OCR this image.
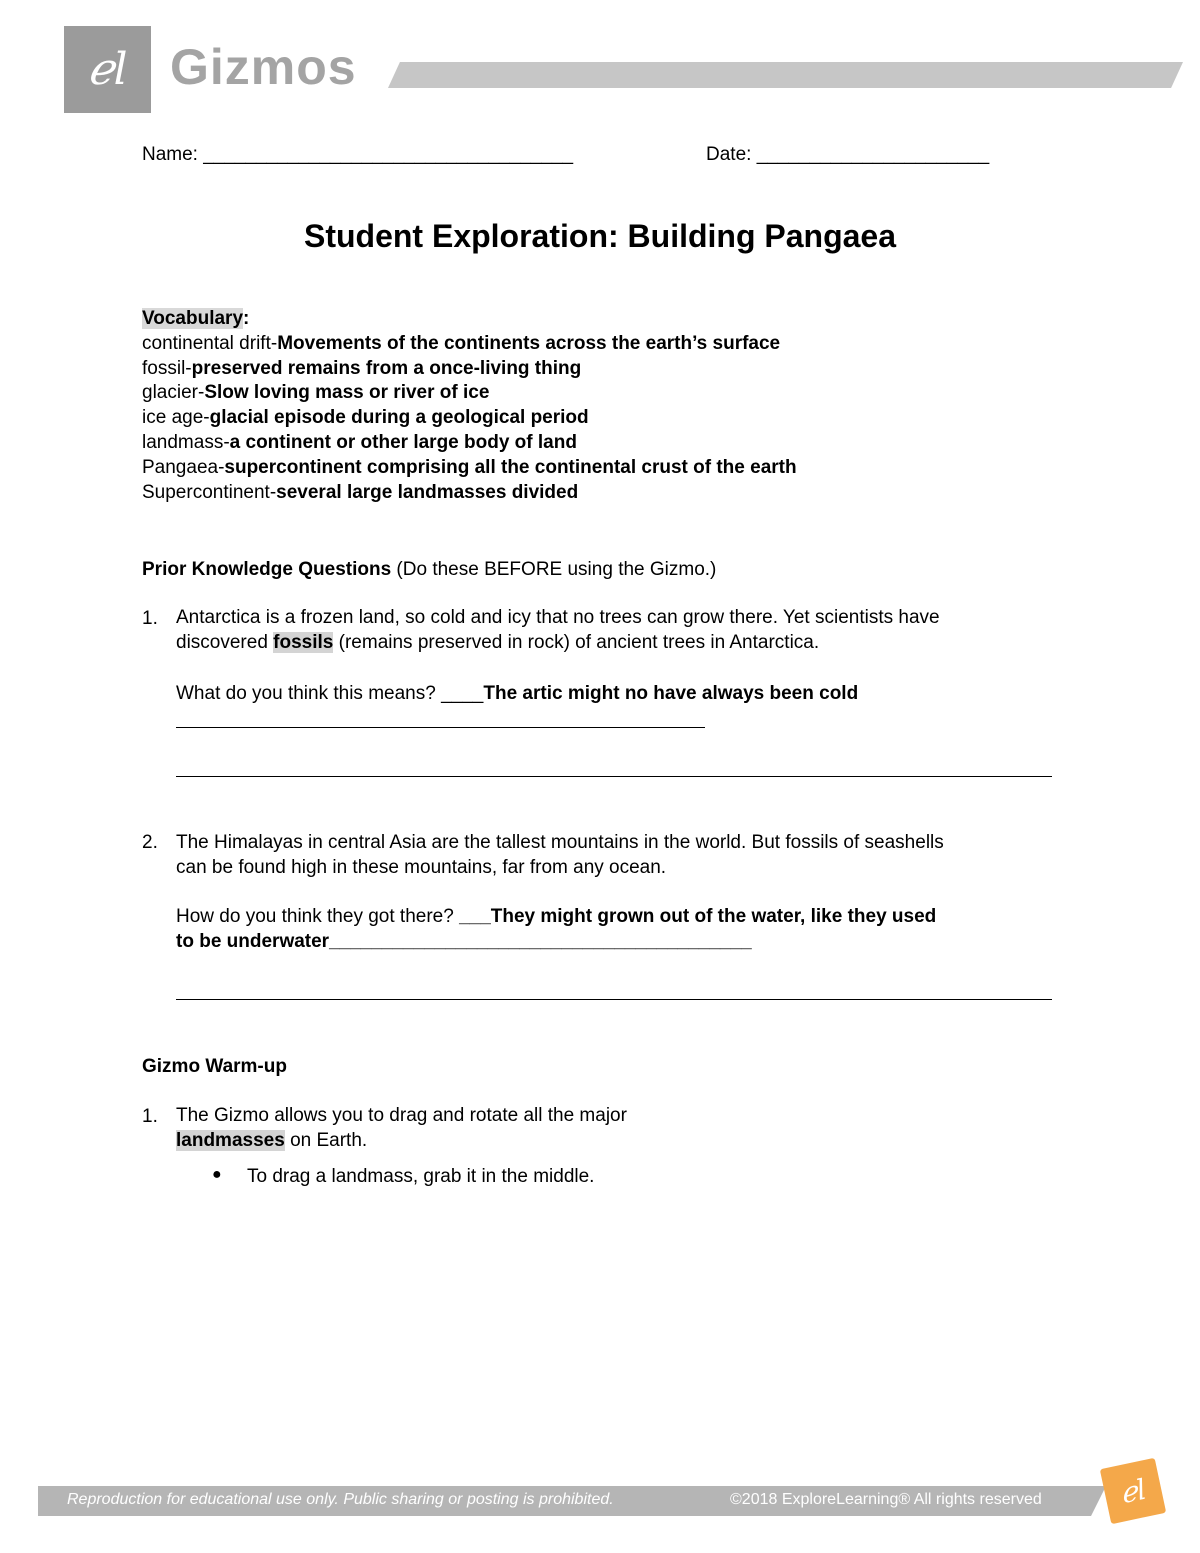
ℯl Gizmos
Name: ___________________________________	Date: ______________________
Student Exploration: Building Pangaea
Vocabulary:
continental drift-Movements of the continents across the earth’s surface
fossil-preserved remains from a once-living thing
glacier-Slow loving mass or river of ice
ice age-glacial episode during a geological period
landmass-a continent or other large body of land
Pangaea-supercontinent comprising all the continental crust of the earth
Supercontinent-several large landmasses divided
Prior Knowledge Questions (Do these BEFORE using the Gizmo.)
1. Antarctica is a frozen land, so cold and icy that no trees can grow there. Yet scientists have
discovered fossils (remains preserved in rock) of ancient trees in Antarctica.
What do you think this means? ____The artic might no have always been cold
2. The Himalayas in central Asia are the tallest mountains in the world. But fossils of seashells
can be found high in these mountains, far from any ocean.
How do you think they got there? ___They might grown out of the water, like they used
to be underwater________________________________________
Gizmo Warm-up
1. The Gizmo allows you to drag and rotate all the major
landmasses on Earth.
● To drag a landmass, grab it in the middle.
Reproduction for educational use only. Public sharing or posting is prohibited.	©2018 ExploreLearning® All rights reserved	ℯl
